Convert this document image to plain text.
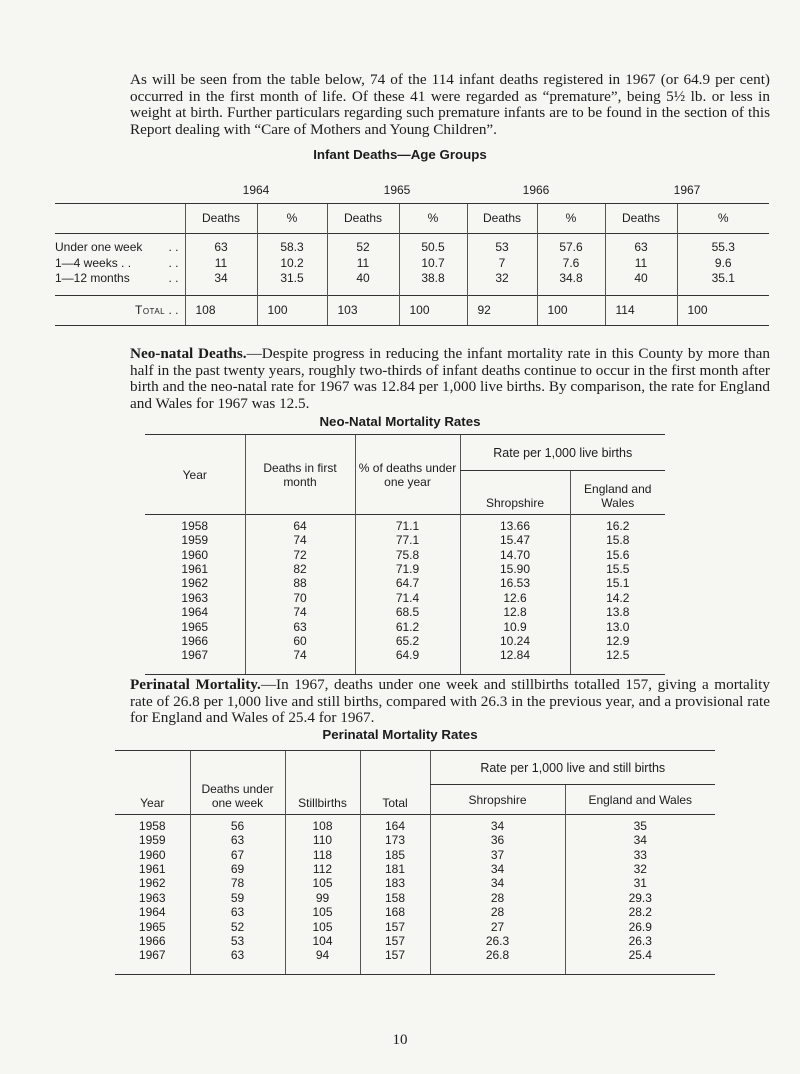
As will be seen from the table below, 74 of the 114 infant deaths registered in 1967 (or 64.9 per cent) occurred in the first month of life. Of these 41 were regarded as “premature”, being 5½ lb. or less in weight at birth. Further particulars regarding such premature infants are to be found in the section of this Report dealing with “Care of Mothers and Young Children”.

Infant Deaths—Age Groups

	1964		1965		1966		1967	
	Deaths	%	Deaths	%	Deaths	%	Deaths	%
Under one week . .	63	58.3	52	50.5	53	57.6	63	55.3
1—4 weeks . . . .	11	10.2	11	10.7	7	7.6	11	9.6
1—12 months . .	34	31.5	40	38.8	32	34.8	40	35.1
Total . .	108	100	103	100	92	100	114	100

Neo-natal Deaths.—Despite progress in reducing the infant mortality rate in this County by more than half in the past twenty years, roughly two-thirds of infant deaths continue to occur in the first month after birth and the neo-natal rate for 1967 was 12.84 per 1,000 live births. By comparison, the rate for England and Wales for 1967 was 12.5.

Neo-Natal Mortality Rates

Year	Deaths in first month	% of deaths under one year	Rate per 1,000 live births	
			Shropshire	England and Wales
1958	64	71.1	13.66	16.2
1959	74	77.1	15.47	15.8
1960	72	75.8	14.70	15.6
1961	82	71.9	15.90	15.5
1962	88	64.7	16.53	15.1
1963	70	71.4	12.6	14.2
1964	74	68.5	12.8	13.8
1965	63	61.2	10.9	13.0
1966	60	65.2	10.24	12.9
1967	74	64.9	12.84	12.5

Perinatal Mortality.—In 1967, deaths under one week and stillbirths totalled 157, giving a mortality rate of 26.8 per 1,000 live and still births, compared with 26.3 in the previous year, and a provisional rate for England and Wales of 25.4 for 1967.

Perinatal Mortality Rates

Year	Deaths under one week	Stillbirths	Total	Rate per 1,000 live and still births	
				Shropshire	England and Wales
1958	56	108	164	34	35
1959	63	110	173	36	34
1960	67	118	185	37	33
1961	69	112	181	34	32
1962	78	105	183	34	31
1963	59	99	158	28	29.3
1964	63	105	168	28	28.2
1965	52	105	157	27	26.9
1966	53	104	157	26.3	26.3
1967	63	94	157	26.8	25.4

10
